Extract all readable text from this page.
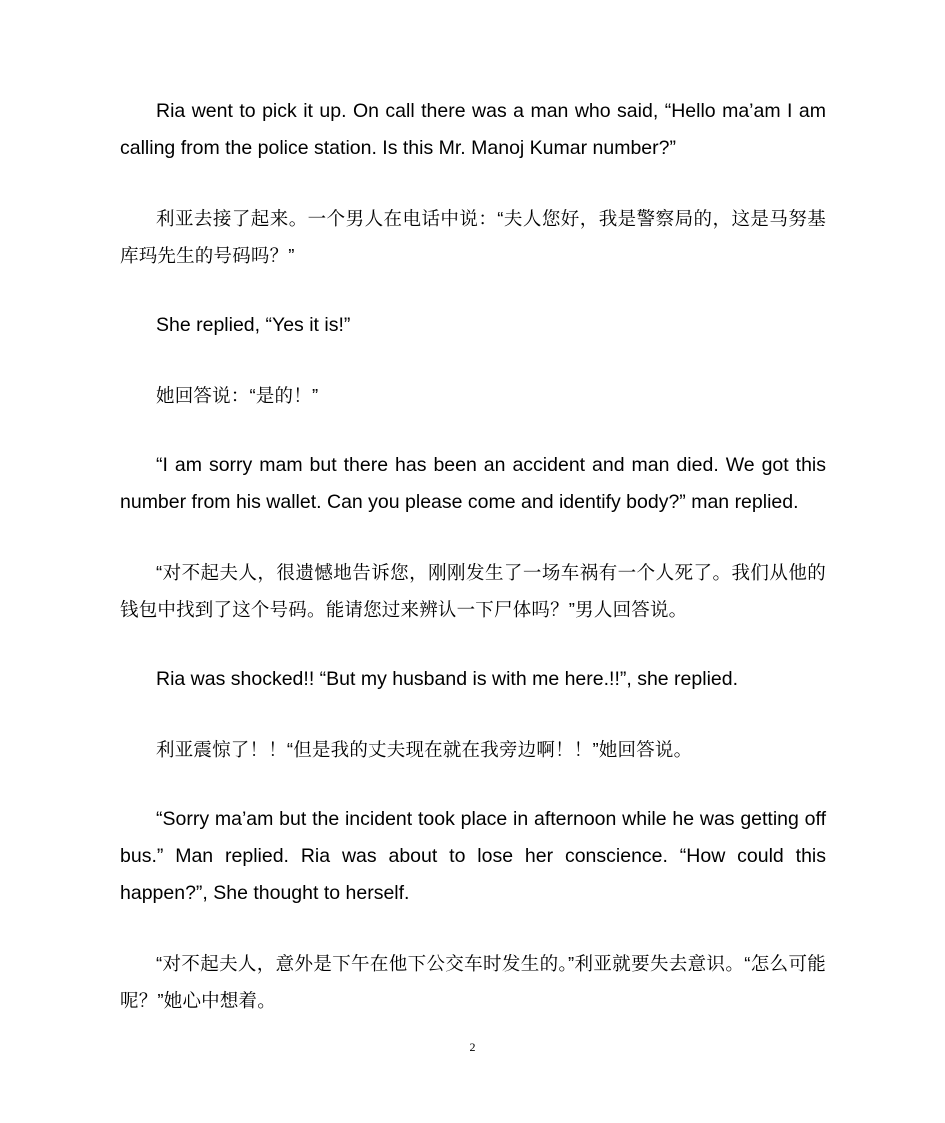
Ria went to pick it up. On call there was a man who said, “Hello ma’am I am calling from the police station. Is this Mr. Manoj Kumar number?”

利亚去接了起来。一个男人在电话中说：“夫人您好，我是警察局的，这是马努基库玛先生的号码吗？”

She replied, “Yes it is!”

她回答说：“是的！”

“I am sorry mam but there has been an accident and man died. We got this number from his wallet. Can you please come and identify body?” man replied.

“对不起夫人，很遗憾地告诉您，刚刚发生了一场车祸有一个人死了。我们从他的钱包中找到了这个号码。能请您过来辨认一下尸体吗？”男人回答说。

Ria was shocked!! “But my husband is with me here.!!”, she replied.

利亚震惊了！！“但是我的丈夫现在就在我旁边啊！！”她回答说。

“Sorry ma’am but the incident took place in afternoon while he was getting off bus.” Man replied. Ria was about to lose her conscience. “How could this happen?”, She thought to herself.

“对不起夫人，意外是下午在他下公交车时发生的。”利亚就要失去意识。“怎么可能呢？”她心中想着。

2
